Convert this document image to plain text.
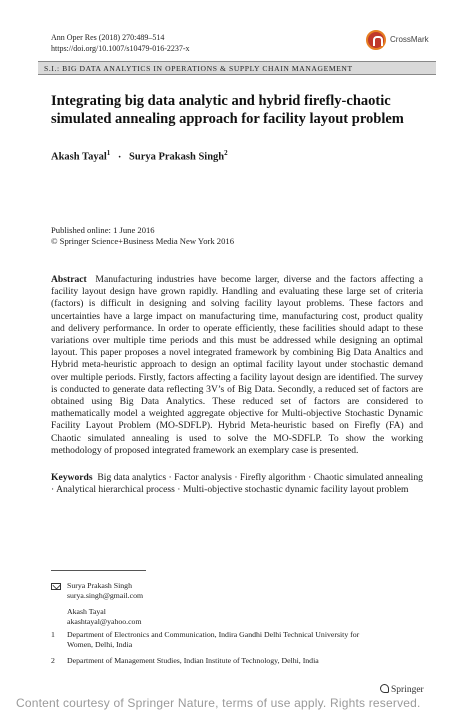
Ann Oper Res (2018) 270:489–514
https://doi.org/10.1007/s10479-016-2237-x
CrossMark
S.I.: BIG DATA ANALYTICS IN OPERATIONS & SUPPLY CHAIN MANAGEMENT
Integrating big data analytic and hybrid firefly-chaotic
simulated annealing approach for facility layout problem
Akash Tayal$^1$ · Surya Prakash Singh$^2$
Published online: 1 June 2016
© Springer Science+Business Media New York 2016
Abstract Manufacturing industries have become larger, diverse and the factors affecting a facility layout design have grown rapidly. Handling and evaluating these large set of criteria (factors) is difficult in designing and solving facility layout problems. These factors and uncertainties have a large impact on manufacturing time, manufacturing cost, product quality and delivery performance. In order to operate efficiently, these facilities should adapt to these variations over multiple time periods and this must be addressed while designing an optimal layout. This paper proposes a novel integrated framework by combining Big Data Analtics and Hybrid meta-heuristic approach to design an optimal facility layout under stochastic demand over multiple periods. Firstly, factors affecting a facility layout design are identified. The survey is conducted to generate data reflecting 3V’s of Big Data. Secondly, a reduced set of factors are obtained using Big Data Analytics. These reduced set of factors are considered to mathematically model a weighted aggregate objective for Multi-objective Stochastic Dynamic Facility Layout Problem (MO-SDFLP). Hybrid Meta-heuristic based on Firefly (FA) and Chaotic simulated annealing is used to solve the MO-SDFLP. To show the working methodology of proposed integrated framework an exemplary case is presented.
Keywords Big data analytics · Factor analysis · Firefly algorithm · Chaotic simulated annealing · Analytical hierarchical process · Multi-objective stochastic dynamic facility layout problem
Surya Prakash Singh
surya.singh@gmail.com
Akash Tayal
akashtayal@yahoo.com
1 Department of Electronics and Communication, Indira Gandhi Delhi Technical University for Women, Delhi, India
2 Department of Management Studies, Indian Institute of Technology, Delhi, India
Springer
Content courtesy of Springer Nature, terms of use apply. Rights reserved.
